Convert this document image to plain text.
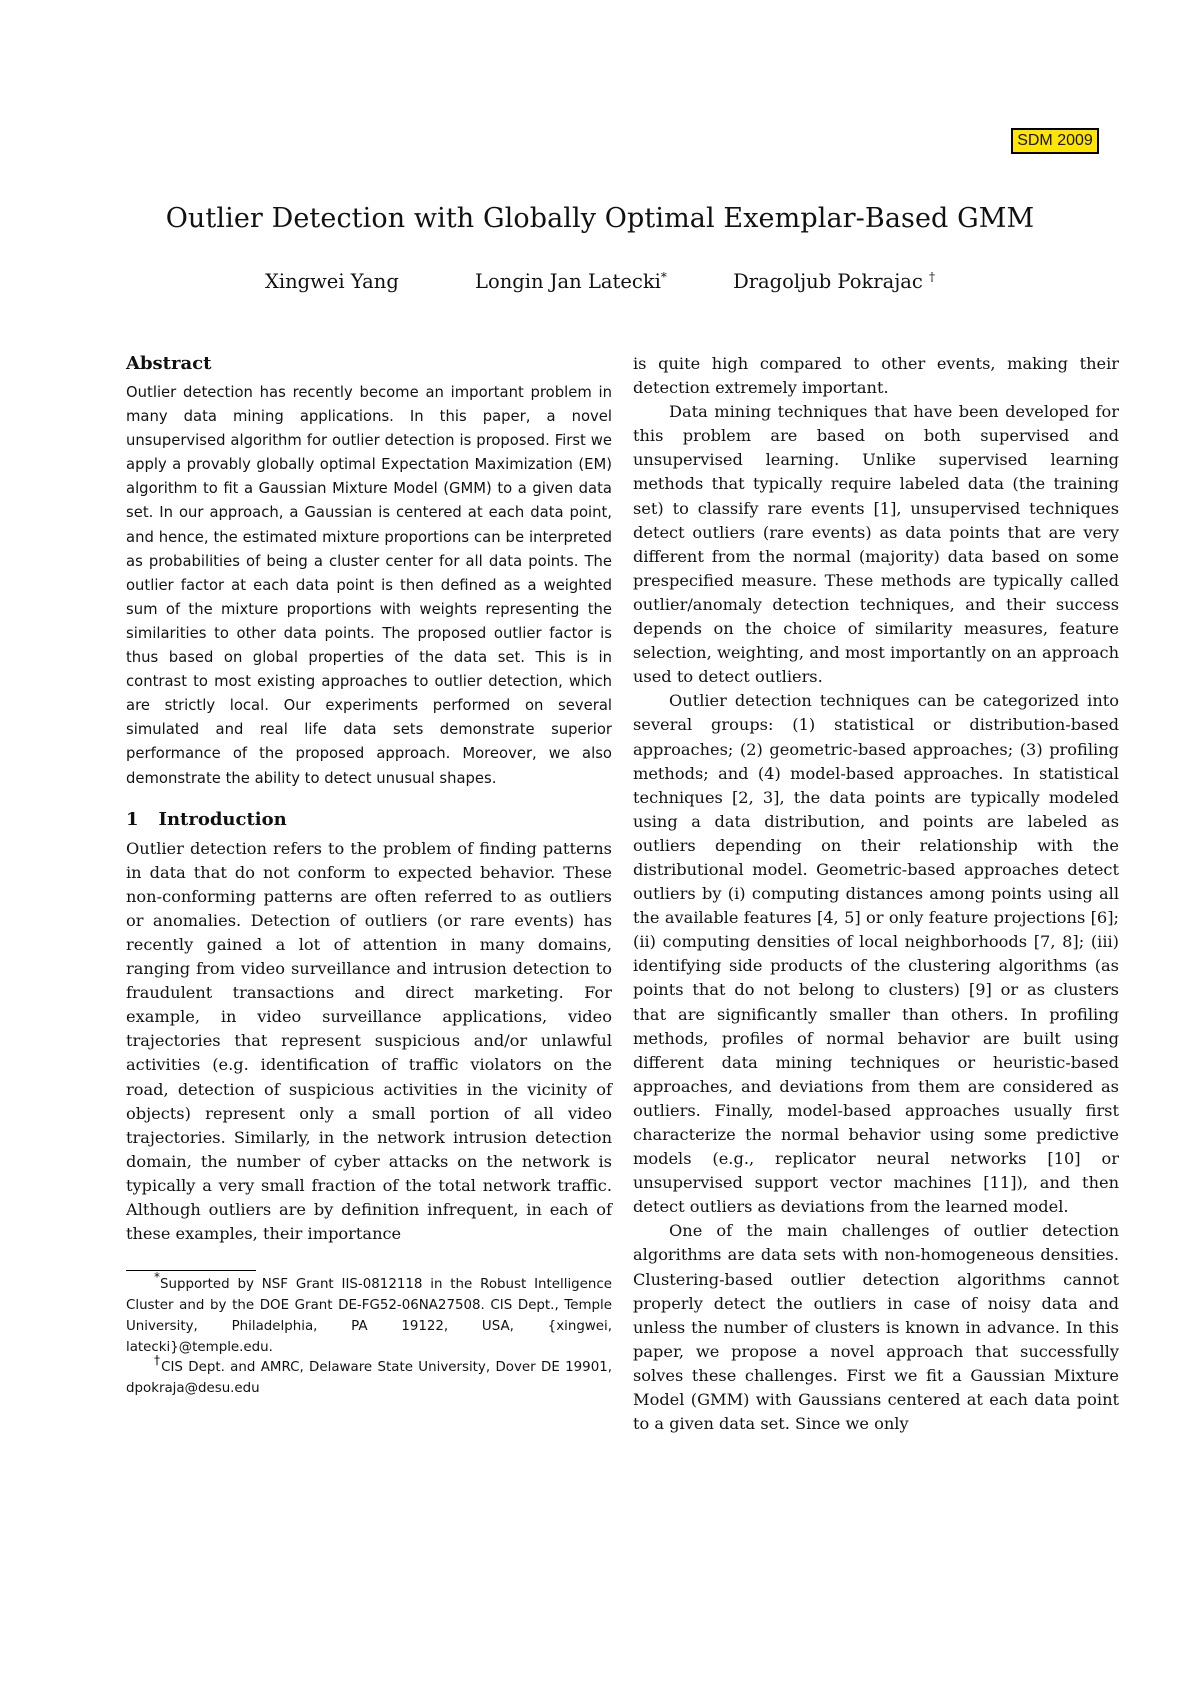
SDM 2009
Outlier Detection with Globally Optimal Exemplar-Based GMM
Xingwei Yang	Longin Jan Latecki*	Dragoljub Pokrajac †
Abstract

Outlier detection has recently become an important problem in many data mining applications. In this paper, a novel unsupervised algorithm for outlier detection is proposed. First we apply a provably globally optimal Expectation Maximization (EM) algorithm to fit a Gaussian Mixture Model (GMM) to a given data set. In our approach, a Gaussian is centered at each data point, and hence, the estimated mixture proportions can be interpreted as probabilities of being a cluster center for all data points. The outlier factor at each data point is then defined as a weighted sum of the mixture proportions with weights representing the similarities to other data points. The proposed outlier factor is thus based on global properties of the data set. This is in contrast to most existing approaches to outlier detection, which are strictly local. Our experiments performed on several simulated and real life data sets demonstrate superior performance of the proposed approach. Moreover, we also demonstrate the ability to detect unusual shapes.

1 Introduction

Outlier detection refers to the problem of finding patterns in data that do not conform to expected behavior. These non-conforming patterns are often referred to as outliers or anomalies. Detection of outliers (or rare events) has recently gained a lot of attention in many domains, ranging from video surveillance and intrusion detection to fraudulent transactions and direct marketing. For example, in video surveillance applications, video trajectories that represent suspicious and/or unlawful activities (e.g. identification of traffic violators on the road, detection of suspicious activities in the vicinity of objects) represent only a small portion of all video trajectories. Similarly, in the network intrusion detection domain, the number of cyber attacks on the network is typically a very small fraction of the total network traffic. Although outliers are by definition infrequent, in each of these examples, their importance

*Supported by NSF Grant IIS-0812118 in the Robust Intelligence Cluster and by the DOE Grant DE-FG52-06NA27508. CIS Dept., Temple University, Philadelphia, PA 19122, USA, {xingwei, latecki}@temple.edu.

†CIS Dept. and AMRC, Delaware State University, Dover DE 19901, dpokraja@desu.edu

is quite high compared to other events, making their detection extremely important.

Data mining techniques that have been developed for this problem are based on both supervised and unsupervised learning. Unlike supervised learning methods that typically require labeled data (the training set) to classify rare events [1], unsupervised techniques detect outliers (rare events) as data points that are very different from the normal (majority) data based on some prespecified measure. These methods are typically called outlier/anomaly detection techniques, and their success depends on the choice of similarity measures, feature selection, weighting, and most importantly on an approach used to detect outliers.

Outlier detection techniques can be categorized into several groups: (1) statistical or distribution-based approaches; (2) geometric-based approaches; (3) profiling methods; and (4) model-based approaches. In statistical techniques [2, 3], the data points are typically modeled using a data distribution, and points are labeled as outliers depending on their relationship with the distributional model. Geometric-based approaches detect outliers by (i) computing distances among points using all the available features [4, 5] or only feature projections [6]; (ii) computing densities of local neighborhoods [7, 8]; (iii) identifying side products of the clustering algorithms (as points that do not belong to clusters) [9] or as clusters that are significantly smaller than others. In profiling methods, profiles of normal behavior are built using different data mining techniques or heuristic-based approaches, and deviations from them are considered as outliers. Finally, model-based approaches usually first characterize the normal behavior using some predictive models (e.g., replicator neural networks [10] or unsupervised support vector machines [11]), and then detect outliers as deviations from the learned model.

One of the main challenges of outlier detection algorithms are data sets with non-homogeneous densities. Clustering-based outlier detection algorithms cannot properly detect the outliers in case of noisy data and unless the number of clusters is known in advance. In this paper, we propose a novel approach that successfully solves these challenges. First we fit a Gaussian Mixture Model (GMM) with Gaussians centered at each data point to a given data set. Since we only
